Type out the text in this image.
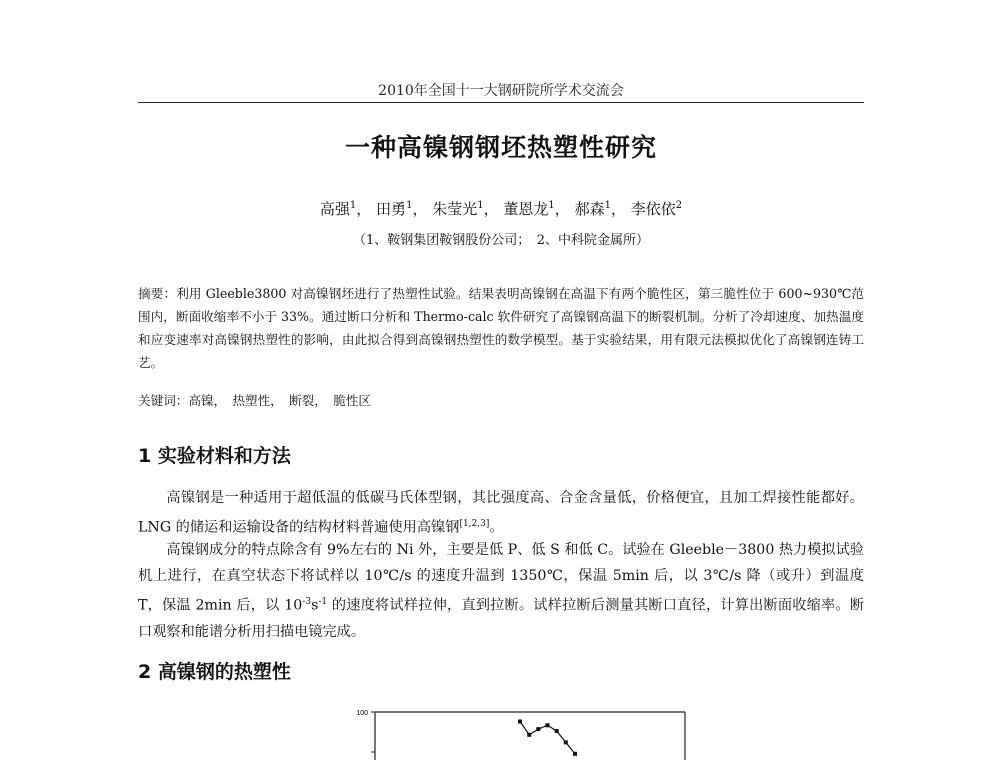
2010年全国十一大钢研院所学术交流会
一种高镍钢钢坯热塑性研究
高强$^1$， 田勇$^1$， 朱莹光$^1$， 董恩龙$^1$， 郝森$^1$， 李依依$^2$
（1、鞍钢集团鞍钢股份公司；　2、中科院金属所）
摘要：利用 Gleeble3800 对高镍钢坯进行了热塑性试验。结果表明高镍钢在高温下有两个脆性区，第三脆性位于 600~930℃范围内，断面收缩率不小于 33%。通过断口分析和 Thermo-calc 软件研究了高镍钢高温下的断裂机制。分析了冷却速度、加热温度和应变速率对高镍钢热塑性的影响，由此拟合得到高镍钢热塑性的数学模型。基于实验结果，用有限元法模拟优化了高镍钢连铸工艺。
关键词：高镍，　热塑性，　断裂，　脆性区
1 实验材料和方法
高镍钢是一种适用于超低温的低碳马氏体型钢，其比强度高、合金含量低，价格便宜，且加工焊接性能都好。LNG 的储运和运输设备的结构材料普遍使用高镍钢[1,2,3]。
高镍钢成分的特点除含有 9%左右的 Ni 外，主要是低 P、低 S 和低 C。试验在 Gleeble－3800 热力模拟试验机上进行，在真空状态下将试样以 10℃/s 的速度升温到 1350℃，保温 5min 后，以 3℃/s 降（或升）到温度 T，保温 2min 后，以 $10^{-3}s^{-1}$ 的速度将试样拉伸，直到拉断。试样拉断后测量其断口直径，计算出断面收缩率。断口观察和能谱分析用扫描电镜完成。
2 高镍钢的热塑性
100
